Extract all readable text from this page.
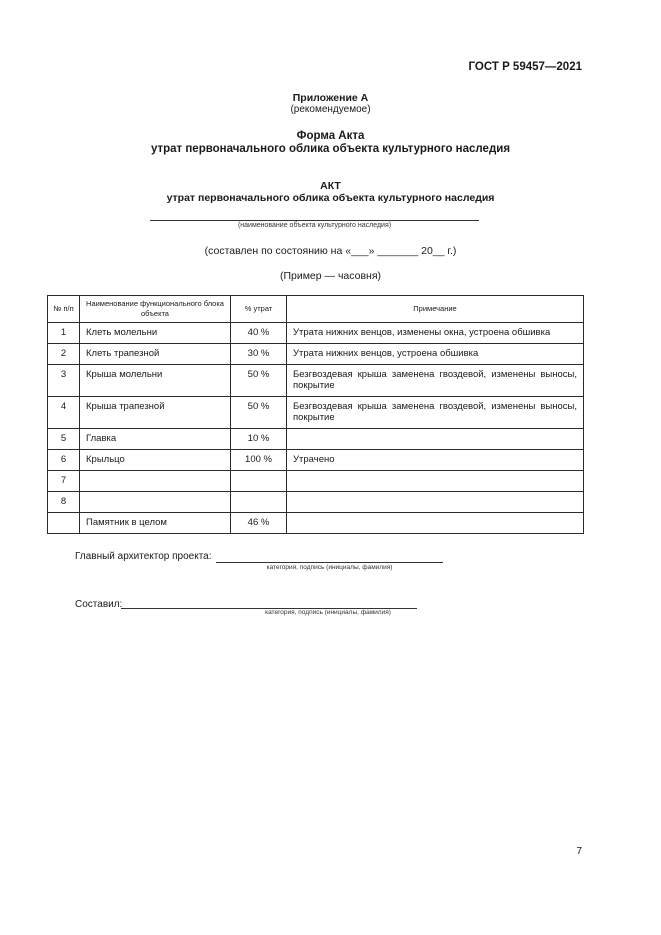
ГОСТ Р 59457—2021
Приложение А
(рекомендуемое)
Форма Акта
утрат первоначального облика объекта культурного наследия
АКТ
утрат первоначального облика объекта культурного наследия
(наименование объекта культурного наследия)
(составлен по состоянию на «___» _______ 20__ г.)
(Пример — часовня)
№ п/п	Наименование функционального блока объекта	% утрат	Примечание
1	Клеть молельни	40 %	Утрата нижних венцов, изменены окна, устроена обшивка
2	Клеть трапезной	30 %	Утрата нижних венцов, устроена обшивка
3	Крыша молельни	50 %	Безгвоздевая крыша заменена гвоздевой, изменены выносы, покрытие
4	Крыша трапезной	50 %	Безгвоздевая крыша заменена гвоздевой, изменены выносы, покрытие
5	Главка	10 %	
6	Крыльцо	100 %	Утрачено
7			
8			
	Памятник в целом	46 %	
Главный архитектор проекта:
категория, подпись (инициалы, фамилия)
Составил:
категория, подпись (инициалы, фамилия)
7
